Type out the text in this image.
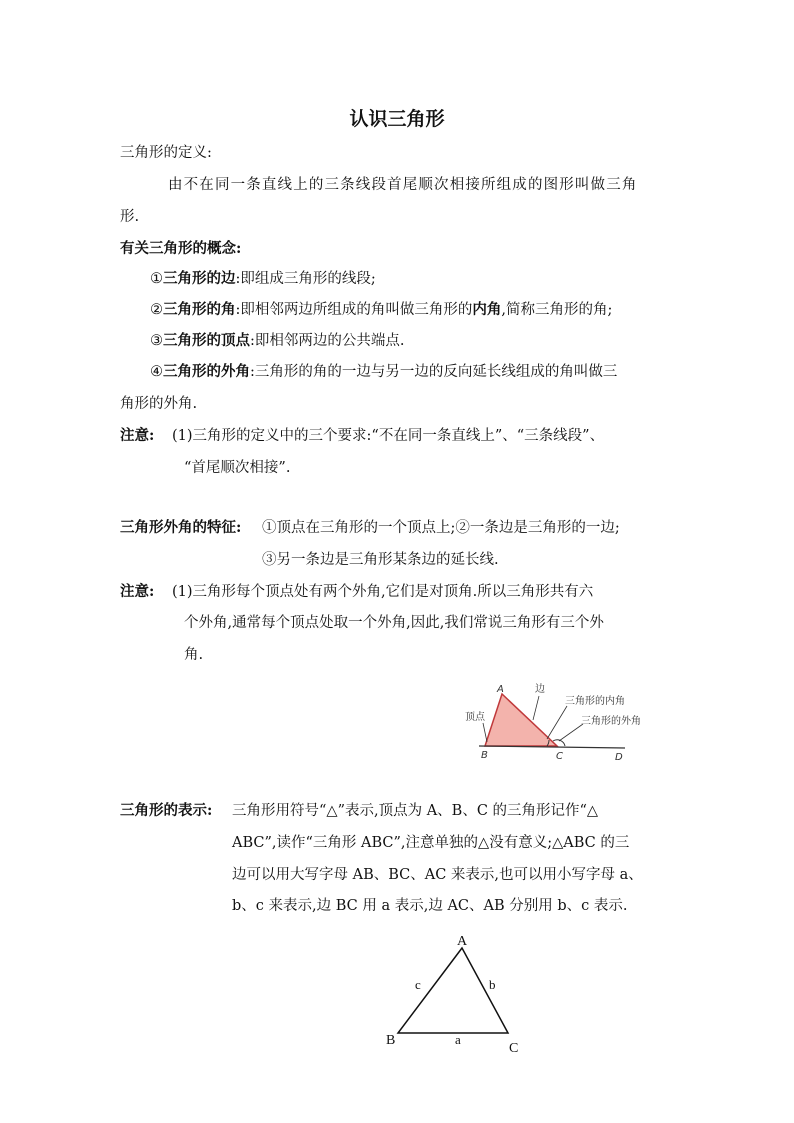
认识三角形
三角形的定义:
由不在同一条直线上的三条线段首尾顺次相接所组成的图形叫做三角
形.
有关三角形的概念:
①三角形的边:即组成三角形的线段;
②三角形的角:即相邻两边所组成的角叫做三角形的内角,简称三角形的角;
③三角形的顶点:即相邻两边的公共端点.
④三角形的外角:三角形的角的一边与另一边的反向延长线组成的角叫做三
角形的外角.
注意: (1)三角形的定义中的三个要求:“不在同一条直线上”、“三条线段”、
“首尾顺次相接”.
三角形外角的特征: ①顶点在三角形的一个顶点上;②一条边是三角形的一边;
③另一条边是三角形某条边的延长线.
注意: (1)三角形每个顶点处有两个外角,它们是对顶角.所以三角形共有六
个外角,通常每个顶点处取一个外角,因此,我们常说三角形有三个外
角.
A
B	C	D
顶点
边
三角形的内角
三角形的外角
三角形的表示: 三角形用符号“△”表示,顶点为 A、B、C 的三角形记作“△
ABC”,读作“三角形 ABC”,注意单独的△没有意义;△ABC 的三
边可以用大写字母 AB、BC、AC 来表示,也可以用小写字母 a、
b、c 来表示,边 BC 用 a 表示,边 AC、AB 分别用 b、c 表示.
A
B
C
a
b
c
